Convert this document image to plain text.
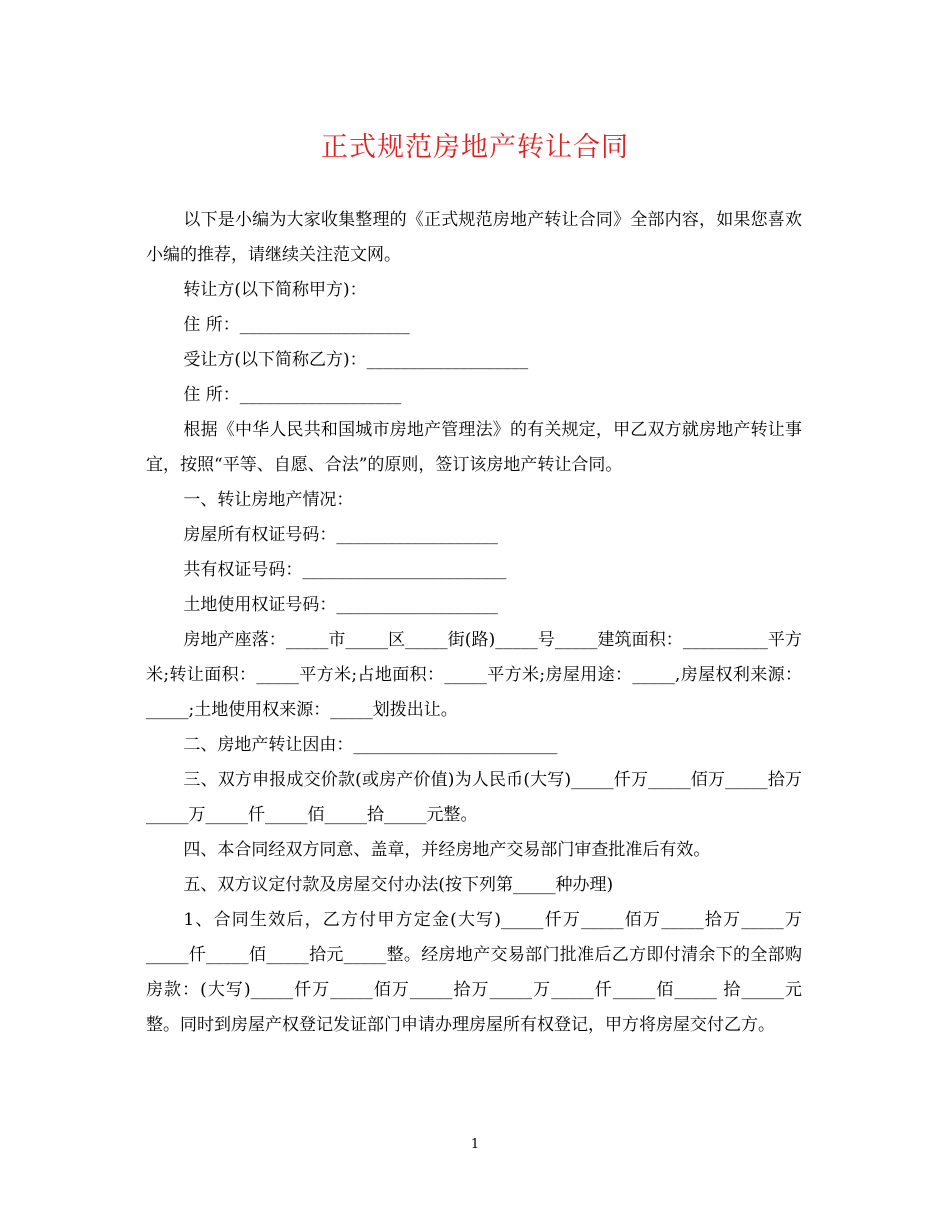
正式规范房地产转让合同

以下是小编为大家收集整理的《正式规范房地产转让合同》全部内容，如果您喜欢小编的推荐，请继续关注范文网。

转让方(以下简称甲方)：

住 所：____________________

受让方(以下简称乙方)：___________________

住 所：___________________

根据《中华人民共和国城市房地产管理法》的有关规定，甲乙双方就房地产转让事宜，按照“平等、自愿、合法”的原则，签订该房地产转让合同。

一、转让房地产情况：

房屋所有权证号码：___________________

共有权证号码：________________________

土地使用权证号码：___________________

房地产座落：_____市_____区_____街(路)_____号_____建筑面积：__________平方米;转让面积：_____平方米;占地面积：_____平方米;房屋用途：_____,房屋权利来源：_____;土地使用权来源：_____划拨出让。

二、房地产转让因由：________________________

三、双方申报成交价款(或房产价值)为人民币(大写)_____仟万_____佰万_____拾万_____万_____仟_____佰_____拾_____元整。

四、本合同经双方同意、盖章，并经房地产交易部门审查批准后有效。

五、双方议定付款及房屋交付办法(按下列第_____种办理)

1、合同生效后，乙方付甲方定金(大写)_____仟万_____佰万_____拾万_____万_____仟_____佰_____拾元_____整。经房地产交易部门批准后乙方即付清余下的全部购房款：(大写)_____仟万_____佰万_____拾万_____万_____仟_____佰_____ 拾_____元整。同时到房屋产权登记发证部门申请办理房屋所有权登记，甲方将房屋交付乙方。

1
